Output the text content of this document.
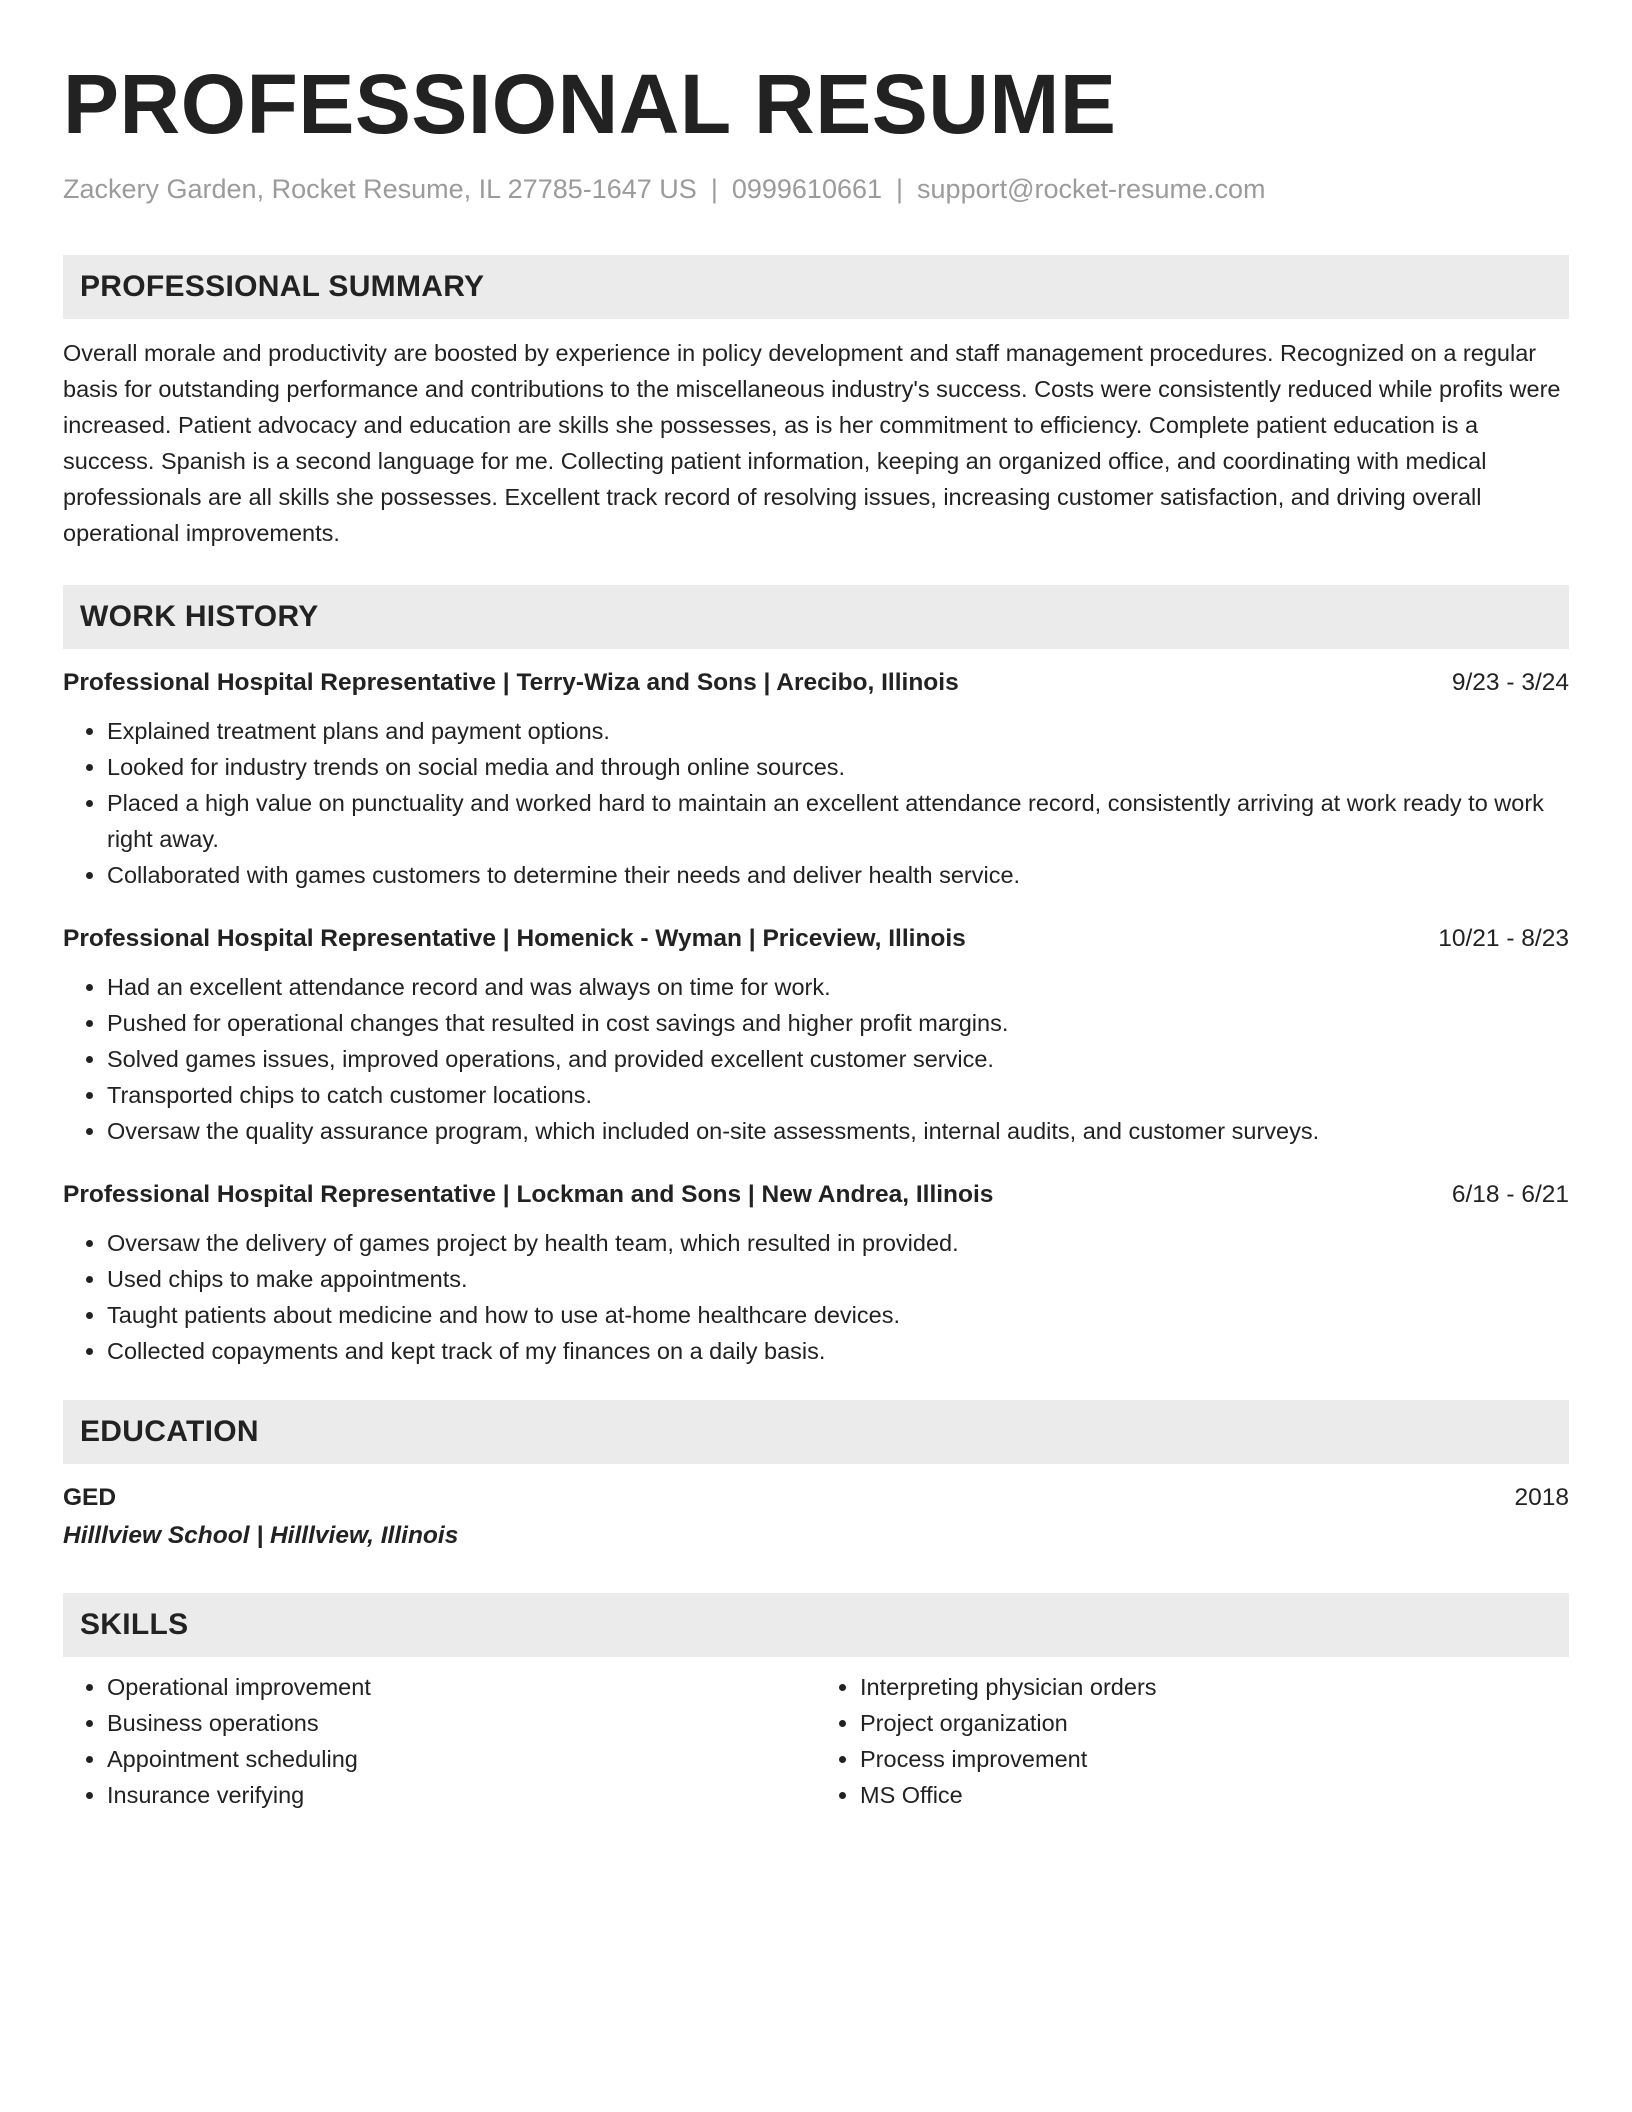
PROFESSIONAL RESUME
Zackery Garden, Rocket Resume, IL 27785-1647 US | 0999610661 | support@rocket-resume.com
PROFESSIONAL SUMMARY
Overall morale and productivity are boosted by experience in policy development and staff management procedures. Recognized on a regular basis for outstanding performance and contributions to the miscellaneous industry's success. Costs were consistently reduced while profits were increased. Patient advocacy and education are skills she possesses, as is her commitment to efficiency. Complete patient education is a success. Spanish is a second language for me. Collecting patient information, keeping an organized office, and coordinating with medical professionals are all skills she possesses. Excellent track record of resolving issues, increasing customer satisfaction, and driving overall operational improvements.
WORK HISTORY
Professional Hospital Representative | Terry-Wiza and Sons | Arecibo, Illinois	9/23 - 3/24
• Explained treatment plans and payment options.
• Looked for industry trends on social media and through online sources.
• Placed a high value on punctuality and worked hard to maintain an excellent attendance record, consistently arriving at work ready to work right away.
• Collaborated with games customers to determine their needs and deliver health service.
Professional Hospital Representative | Homenick - Wyman | Priceview, Illinois	10/21 - 8/23
• Had an excellent attendance record and was always on time for work.
• Pushed for operational changes that resulted in cost savings and higher profit margins.
• Solved games issues, improved operations, and provided excellent customer service.
• Transported chips to catch customer locations.
• Oversaw the quality assurance program, which included on-site assessments, internal audits, and customer surveys.
Professional Hospital Representative | Lockman and Sons | New Andrea, Illinois	6/18 - 6/21
• Oversaw the delivery of games project by health team, which resulted in provided.
• Used chips to make appointments.
• Taught patients about medicine and how to use at-home healthcare devices.
• Collected copayments and kept track of my finances on a daily basis.
EDUCATION
GED	2018
Hilllview School | Hilllview, Illinois
SKILLS
• Operational improvement
• Business operations
• Appointment scheduling
• Insurance verifying
• Interpreting physician orders
• Project organization
• Process improvement
• MS Office
